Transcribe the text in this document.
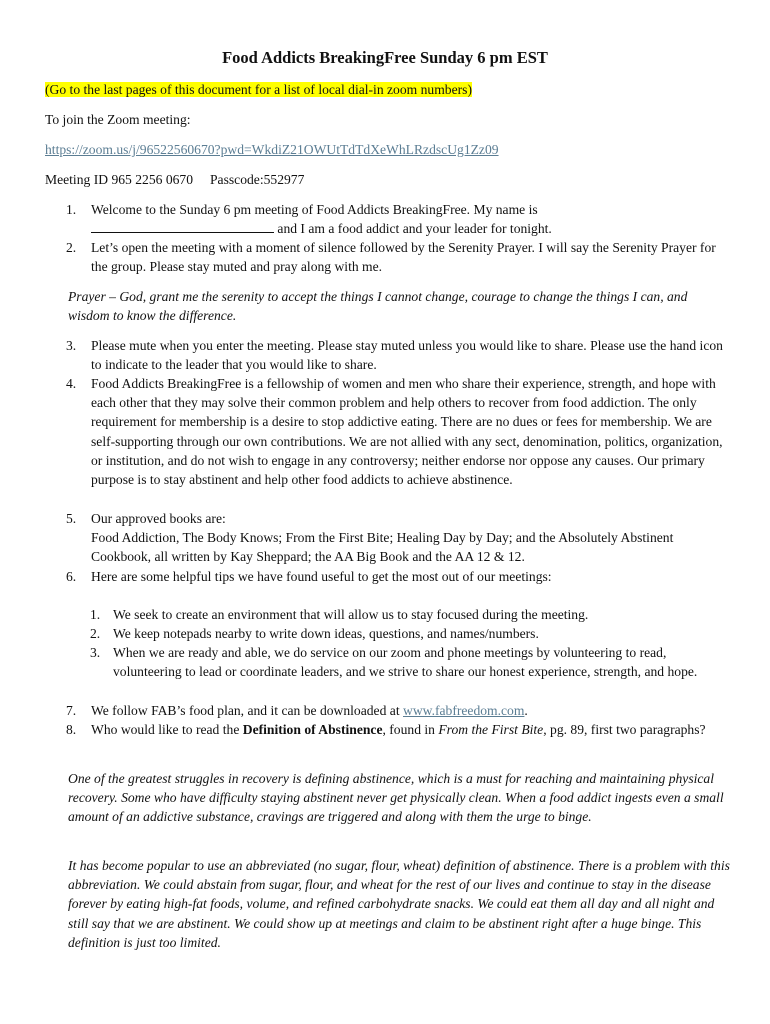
Food Addicts BreakingFree Sunday 6 pm EST
(Go to the last pages of this document for a list of local dial-in zoom numbers)
To join the Zoom meeting:
https://zoom.us/j/96522560670?pwd=WkdiZ21OWUtTdTdXeWhLRzdscUg1Zz09
Meeting ID 965 2256 0670     Passcode:552977
1. Welcome to the Sunday 6 pm meeting of Food Addicts BreakingFree. My name is
and I am a food addict and your leader for tonight.
2. Let’s open the meeting with a moment of silence followed by the Serenity Prayer. I will say the Serenity Prayer for the group. Please stay muted and pray along with me.
Prayer – God, grant me the serenity to accept the things I cannot change, courage to change the things I can, and wisdom to know the difference.
3. Please mute when you enter the meeting. Please stay muted unless you would like to share. Please use the hand icon to indicate to the leader that you would like to share.
4. Food Addicts BreakingFree is a fellowship of women and men who share their experience, strength, and hope with each other that they may solve their common problem and help others to recover from food addiction. The only requirement for membership is a desire to stop addictive eating. There are no dues or fees for membership. We are self-supporting through our own contributions. We are not allied with any sect, denomination, politics, organization, or institution, and do not wish to engage in any controversy; neither endorse nor oppose any causes. Our primary purpose is to stay abstinent and help other food addicts to achieve abstinence.
5. Our approved books are:
Food Addiction, The Body Knows; From the First Bite; Healing Day by Day; and the Absolutely Abstinent Cookbook, all written by Kay Sheppard; the AA Big Book and the AA 12 & 12.
6. Here are some helpful tips we have found useful to get the most out of our meetings:
1. We seek to create an environment that will allow us to stay focused during the meeting.
2. We keep notepads nearby to write down ideas, questions, and names/numbers.
3. When we are ready and able, we do service on our zoom and phone meetings by volunteering to read, volunteering to lead or coordinate leaders, and we strive to share our honest experience, strength, and hope.
7. We follow FAB’s food plan, and it can be downloaded at www.fabfreedom.com.
8. Who would like to read the Definition of Abstinence, found in From the First Bite, pg. 89, first two paragraphs?
One of the greatest struggles in recovery is defining abstinence, which is a must for reaching and maintaining physical recovery. Some who have difficulty staying abstinent never get physically clean. When a food addict ingests even a small amount of an addictive substance, cravings are triggered and along with them the urge to binge.
It has become popular to use an abbreviated (no sugar, flour, wheat) definition of abstinence. There is a problem with this abbreviation. We could abstain from sugar, flour, and wheat for the rest of our lives and continue to stay in the disease forever by eating high-fat foods, volume, and refined carbohydrate snacks. We could eat them all day and all night and still say that we are abstinent. We could show up at meetings and claim to be abstinent right after a huge binge. This definition is just too limited.
